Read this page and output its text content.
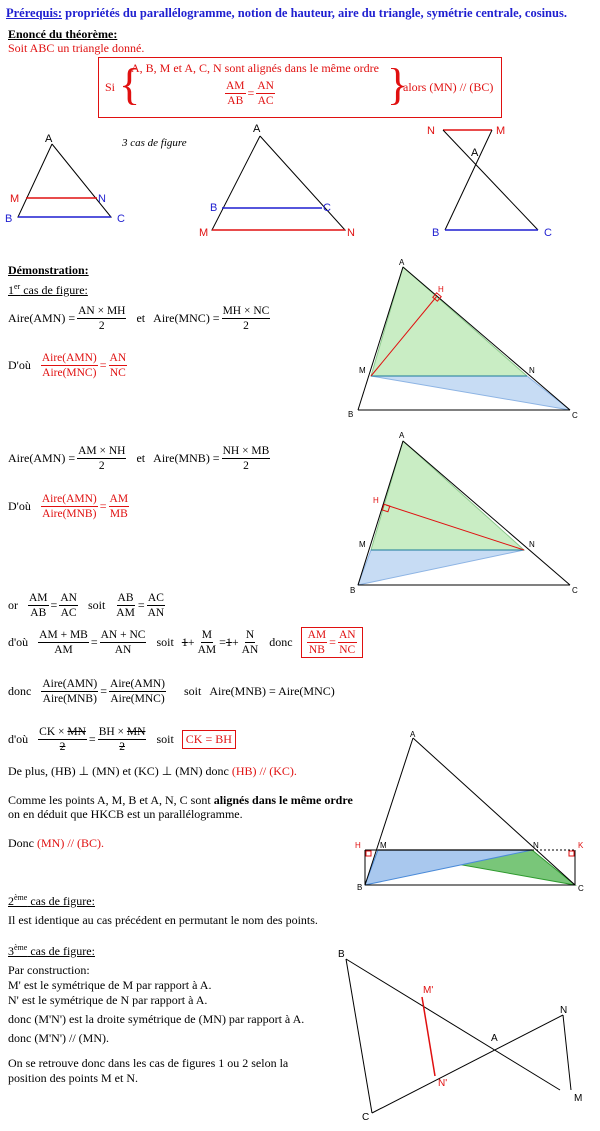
Prérequis: propriétés du parallélogramme, notion de hauteur, aire du triangle, symétrie centrale, cosinus.
Enoncé du théorème:
Soit ABC un triangle donné.
Si {	}
A, B, M et A, C, N sont alignés dans le même ordre
$\frac{AM}{AB} = \frac{AN}{AC}$	alors (MN) // (BC)
3 cas de figure
A
M	N
B	C
A
B	C
M	N
N	M
A
B	C
Démonstration:
1er cas de figure:
Aire(AMN) = $\frac{AN \times MH}{2}$ et Aire(MNC) = $\frac{MH \times NC}{2}$
D'où $\frac{\text{Aire(AMN)}}{\text{Aire(MNC)}} = \frac{AN}{NC}$
Aire(AMN) = $\frac{AM \times NH}{2}$ et Aire(MNB) = $\frac{NH \times MB}{2}$
D'où $\frac{\text{Aire(AMN)}}{\text{Aire(MNB)}} = \frac{AM}{MB}$
or $\frac{AM}{AB} = \frac{AN}{AC}$ soit $\frac{AB}{AM} = \frac{AC}{AN}$
d'où $\frac{AM + MB}{AM} = \frac{AN + NC}{AN}$ soit $1 + \frac{M}{AM} = 1 + \frac{N}{AN}$ donc $\frac{AM}{NB} = \frac{AN}{NC}$
donc $\frac{\text{Aire(AMN)}}{\text{Aire(MNB)}} = \frac{\text{Aire(AMN)}}{\text{Aire(MNC)}}$ soit Aire(MNB) = Aire(MNC)
d'où $\frac{CK \times MN}{2} = \frac{BH \times MN}{2}$ soit	CK = BH
De plus, (HB) ⊥ (MN) et (KC) ⊥ (MN) donc (HB) // (KC).
Comme les points A, M, B et A, N, C sont alignés dans le même ordre
on en déduit que HKCB est un parallélogramme.
Donc (MN) // (BC).
2ème cas de figure:
Il est identique au cas précédent en permutant le nom des points.
3ème cas de figure:
Par construction:
M' est le symétrique de M par rapport à A.
N' est le symétrique de N par rapport à A.
donc (M'N') est la droite symétrique de (MN) par rapport à A.
donc (M'N') // (MN).
On se retrouve donc dans les cas de figures 1 ou 2 selon la
position des points M et N.
A
H
M	N
B	C
A
H
M	N
B	C
A
H M	N	K
B	C
B
M'
N
A
N'
M
C
